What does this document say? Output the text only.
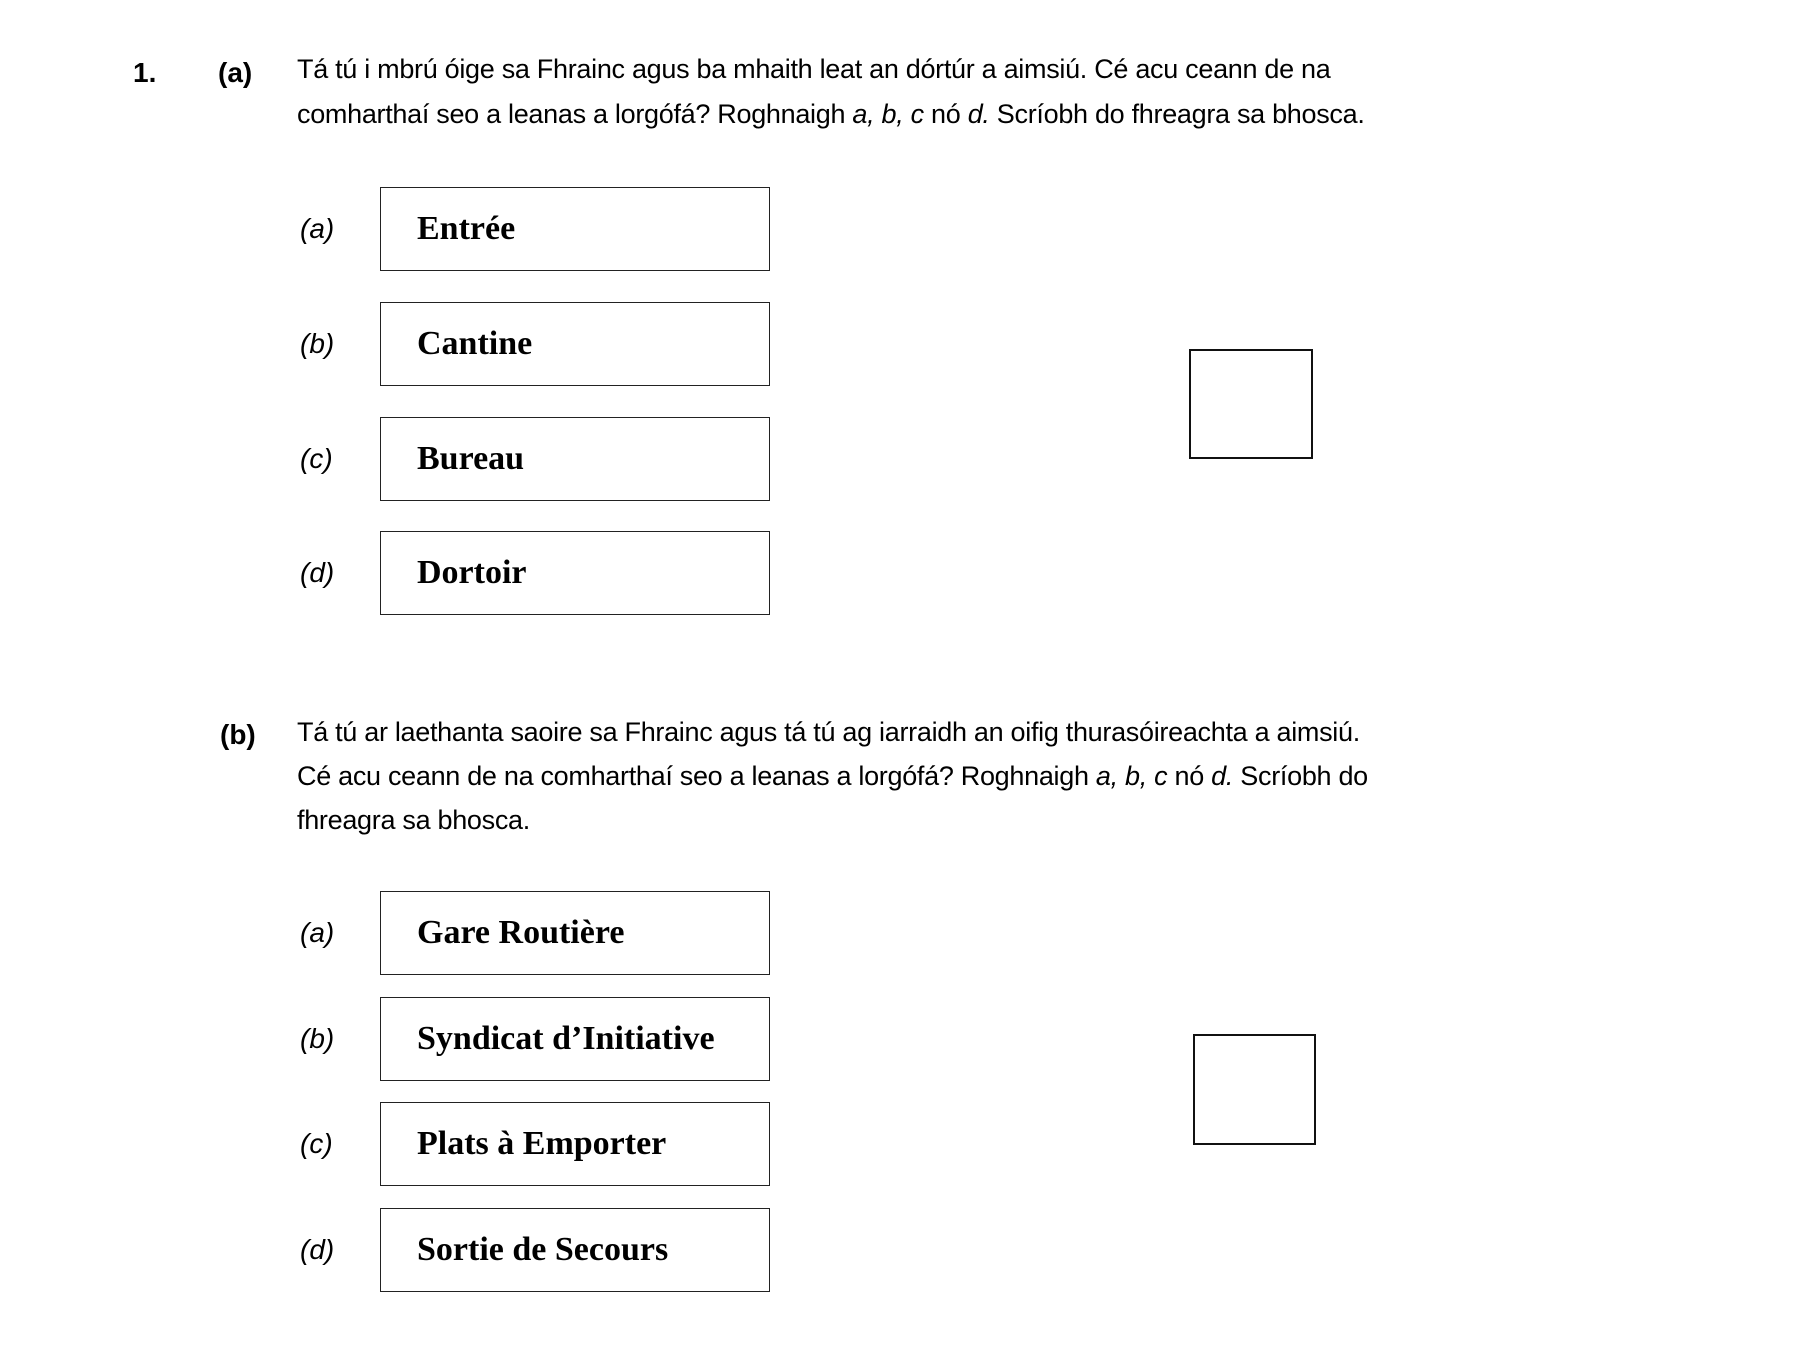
1. (a) Tá tú i mbrú óige sa Fhrainc agus ba mhaith leat an dórtúr a aimsiú. Cé acu ceann de na
comharthaí seo a leanas a lorgófá? Roghnaigh a, b, c nó d. Scríobh do fhreagra sa bhosca.
(a)	Entrée
(b)	Cantine
(c)	Bureau
(d)	Dortoir
(b) Tá tú ar laethanta saoire sa Fhrainc agus tá tú ag iarraidh an oifig thurasóireachta a aimsiú.
Cé acu ceann de na comharthaí seo a leanas a lorgófá? Roghnaigh a, b, c nó d. Scríobh do
fhreagra sa bhosca.
(a)	Gare Routière
(b)	Syndicat d’Initiative
(c)	Plats à Emporter
(d)	Sortie de Secours
